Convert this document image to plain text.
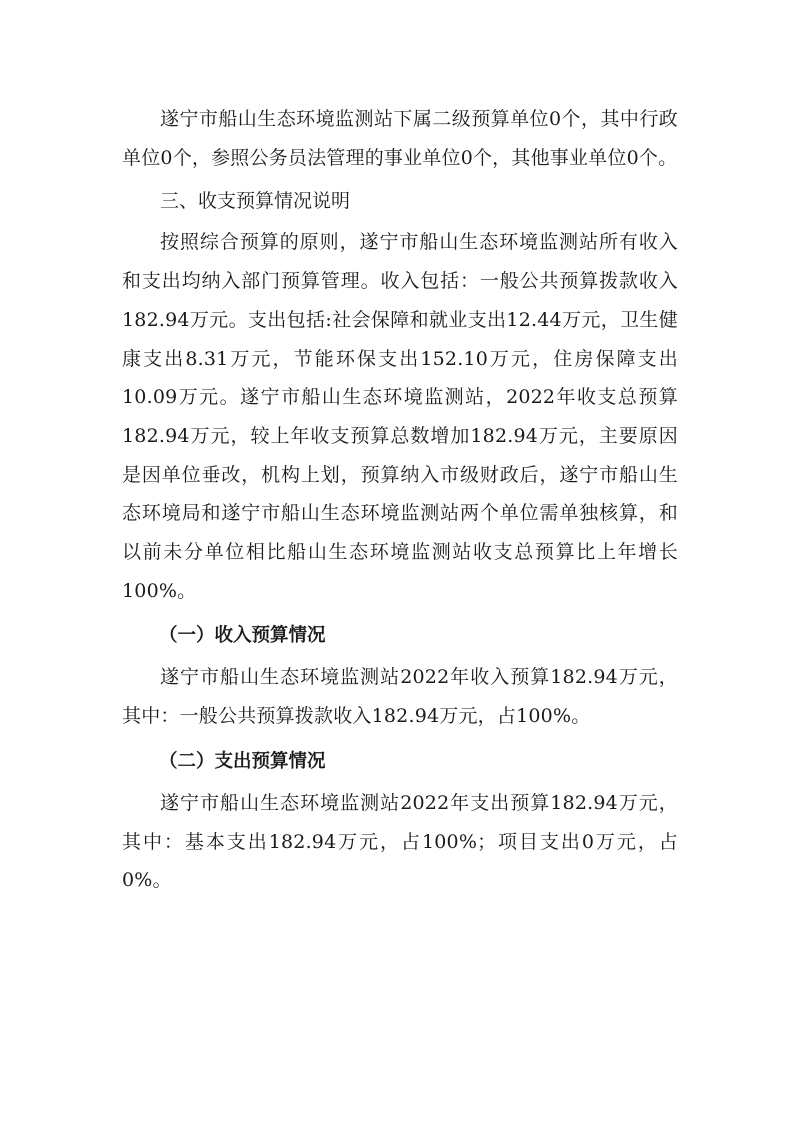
遂宁市船山生态环境监测站下属二级预算单位0个，其中行政单位0个，参照公务员法管理的事业单位0个，其他事业单位0个。

三、收支预算情况说明

按照综合预算的原则，遂宁市船山生态环境监测站所有收入和支出均纳入部门预算管理。收入包括：一般公共预算拨款收入182.94万元。支出包括:社会保障和就业支出12.44万元，卫生健康支出8.31万元，节能环保支出152.10万元，住房保障支出10.09万元。遂宁市船山生态环境监测站，2022年收支总预算182.94万元，较上年收支预算总数增加182.94万元，主要原因是因单位垂改，机构上划，预算纳入市级财政后，遂宁市船山生态环境局和遂宁市船山生态环境监测站两个单位需单独核算，和以前未分单位相比船山生态环境监测站收支总预算比上年增长100%。

（一）收入预算情况

遂宁市船山生态环境监测站2022年收入预算182.94万元，其中：一般公共预算拨款收入182.94万元，占100%。

（二）支出预算情况

遂宁市船山生态环境监测站2022年支出预算182.94万元，其中：基本支出182.94万元，占100%；项目支出0万元，占0%。
